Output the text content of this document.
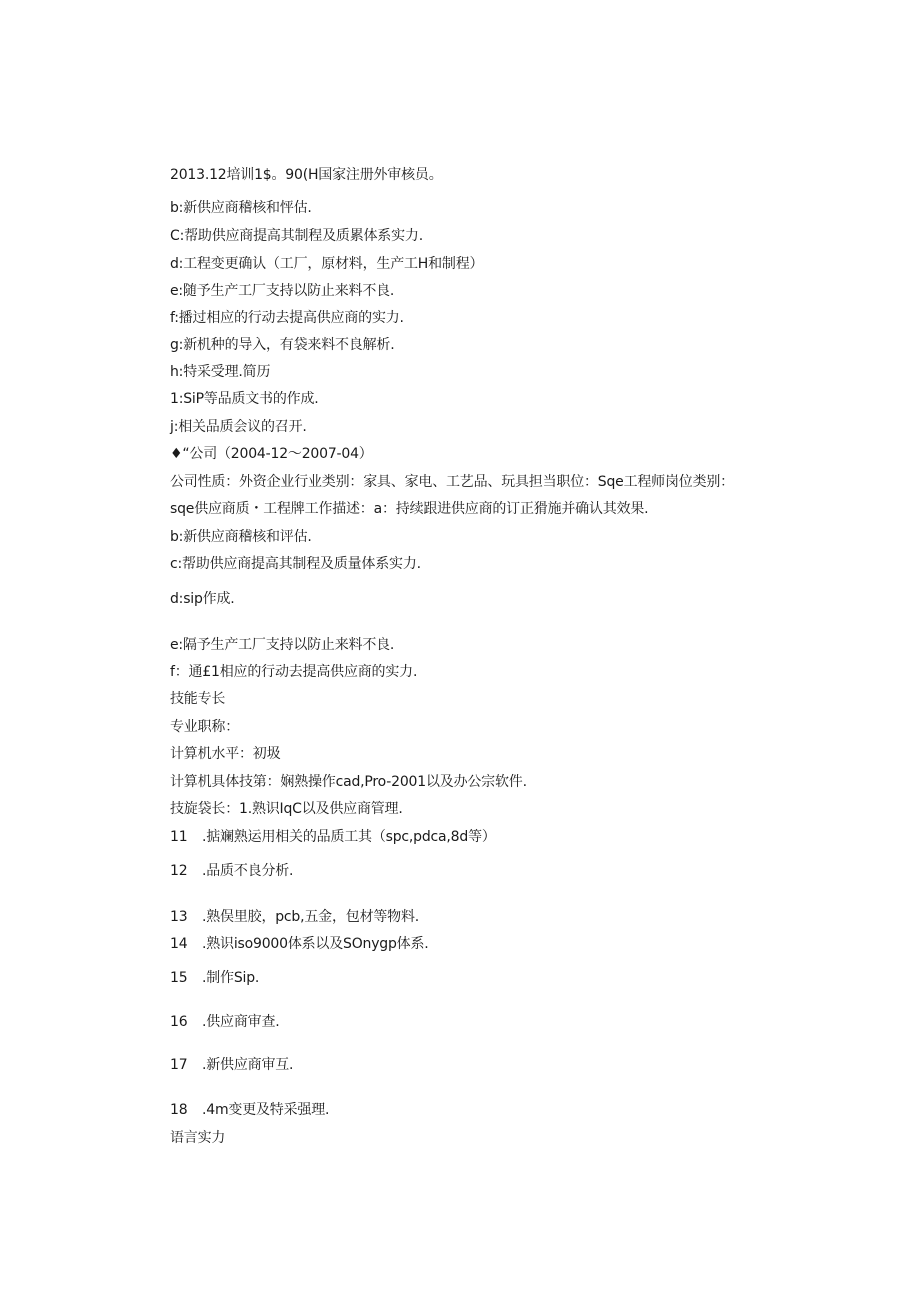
2013.12培训1$。90(H国家注册外审核员。
b:新供应商稽核和怦估.
C:帮助供应商提高其制程及质累体系实力.
d:工程变更确认（工厂，原材料，生产工H和制程）
e:随予生产工厂支持以防止来料不良.
f:播过相应的行动去提高供应商的实力.
g:新机种的导入，有袋来料不良解析.
h:特采受理.简历
1:SiP等品质文书的作成.
j:相关品质会议的召开.
♦“公司（2004-12～2007-04）
公司性质：外资企业行业类别：家具、家电、工艺品、玩具担当职位：Sqe工程师岗位类别：
sqe供应商质・工程牌工作描述：a：持续跟进供应商的订正猾施并确认其效果.
b:新供应商稽核和评估.
c:帮助供应商提高其制程及质量体系实力.
d:sip作成.
e:隔予生产工厂支持以防止来料不良.
f：通£1相应的行动去提高供应商的实力.
技能专长
专业职称：
计算机水平：初圾
计算机具体技第：娴熟操作cad,Pro-2001以及办公宗软件.
技旋袋长：1.熟识IqC以及供应商管理.
11 .掂斓熟运用相关的品质工其（spc,pdca,8d等）
12 .品质不良分析.
13 .熟俣里胶，pcb,五金，包材等物料.
14 .熟识iso9000体系以及SOnygp体系.
15 .制作Sip.
16 .供应商审查.
17 .新供应商审互.
18 .4m变更及特采强理.
语言实力
